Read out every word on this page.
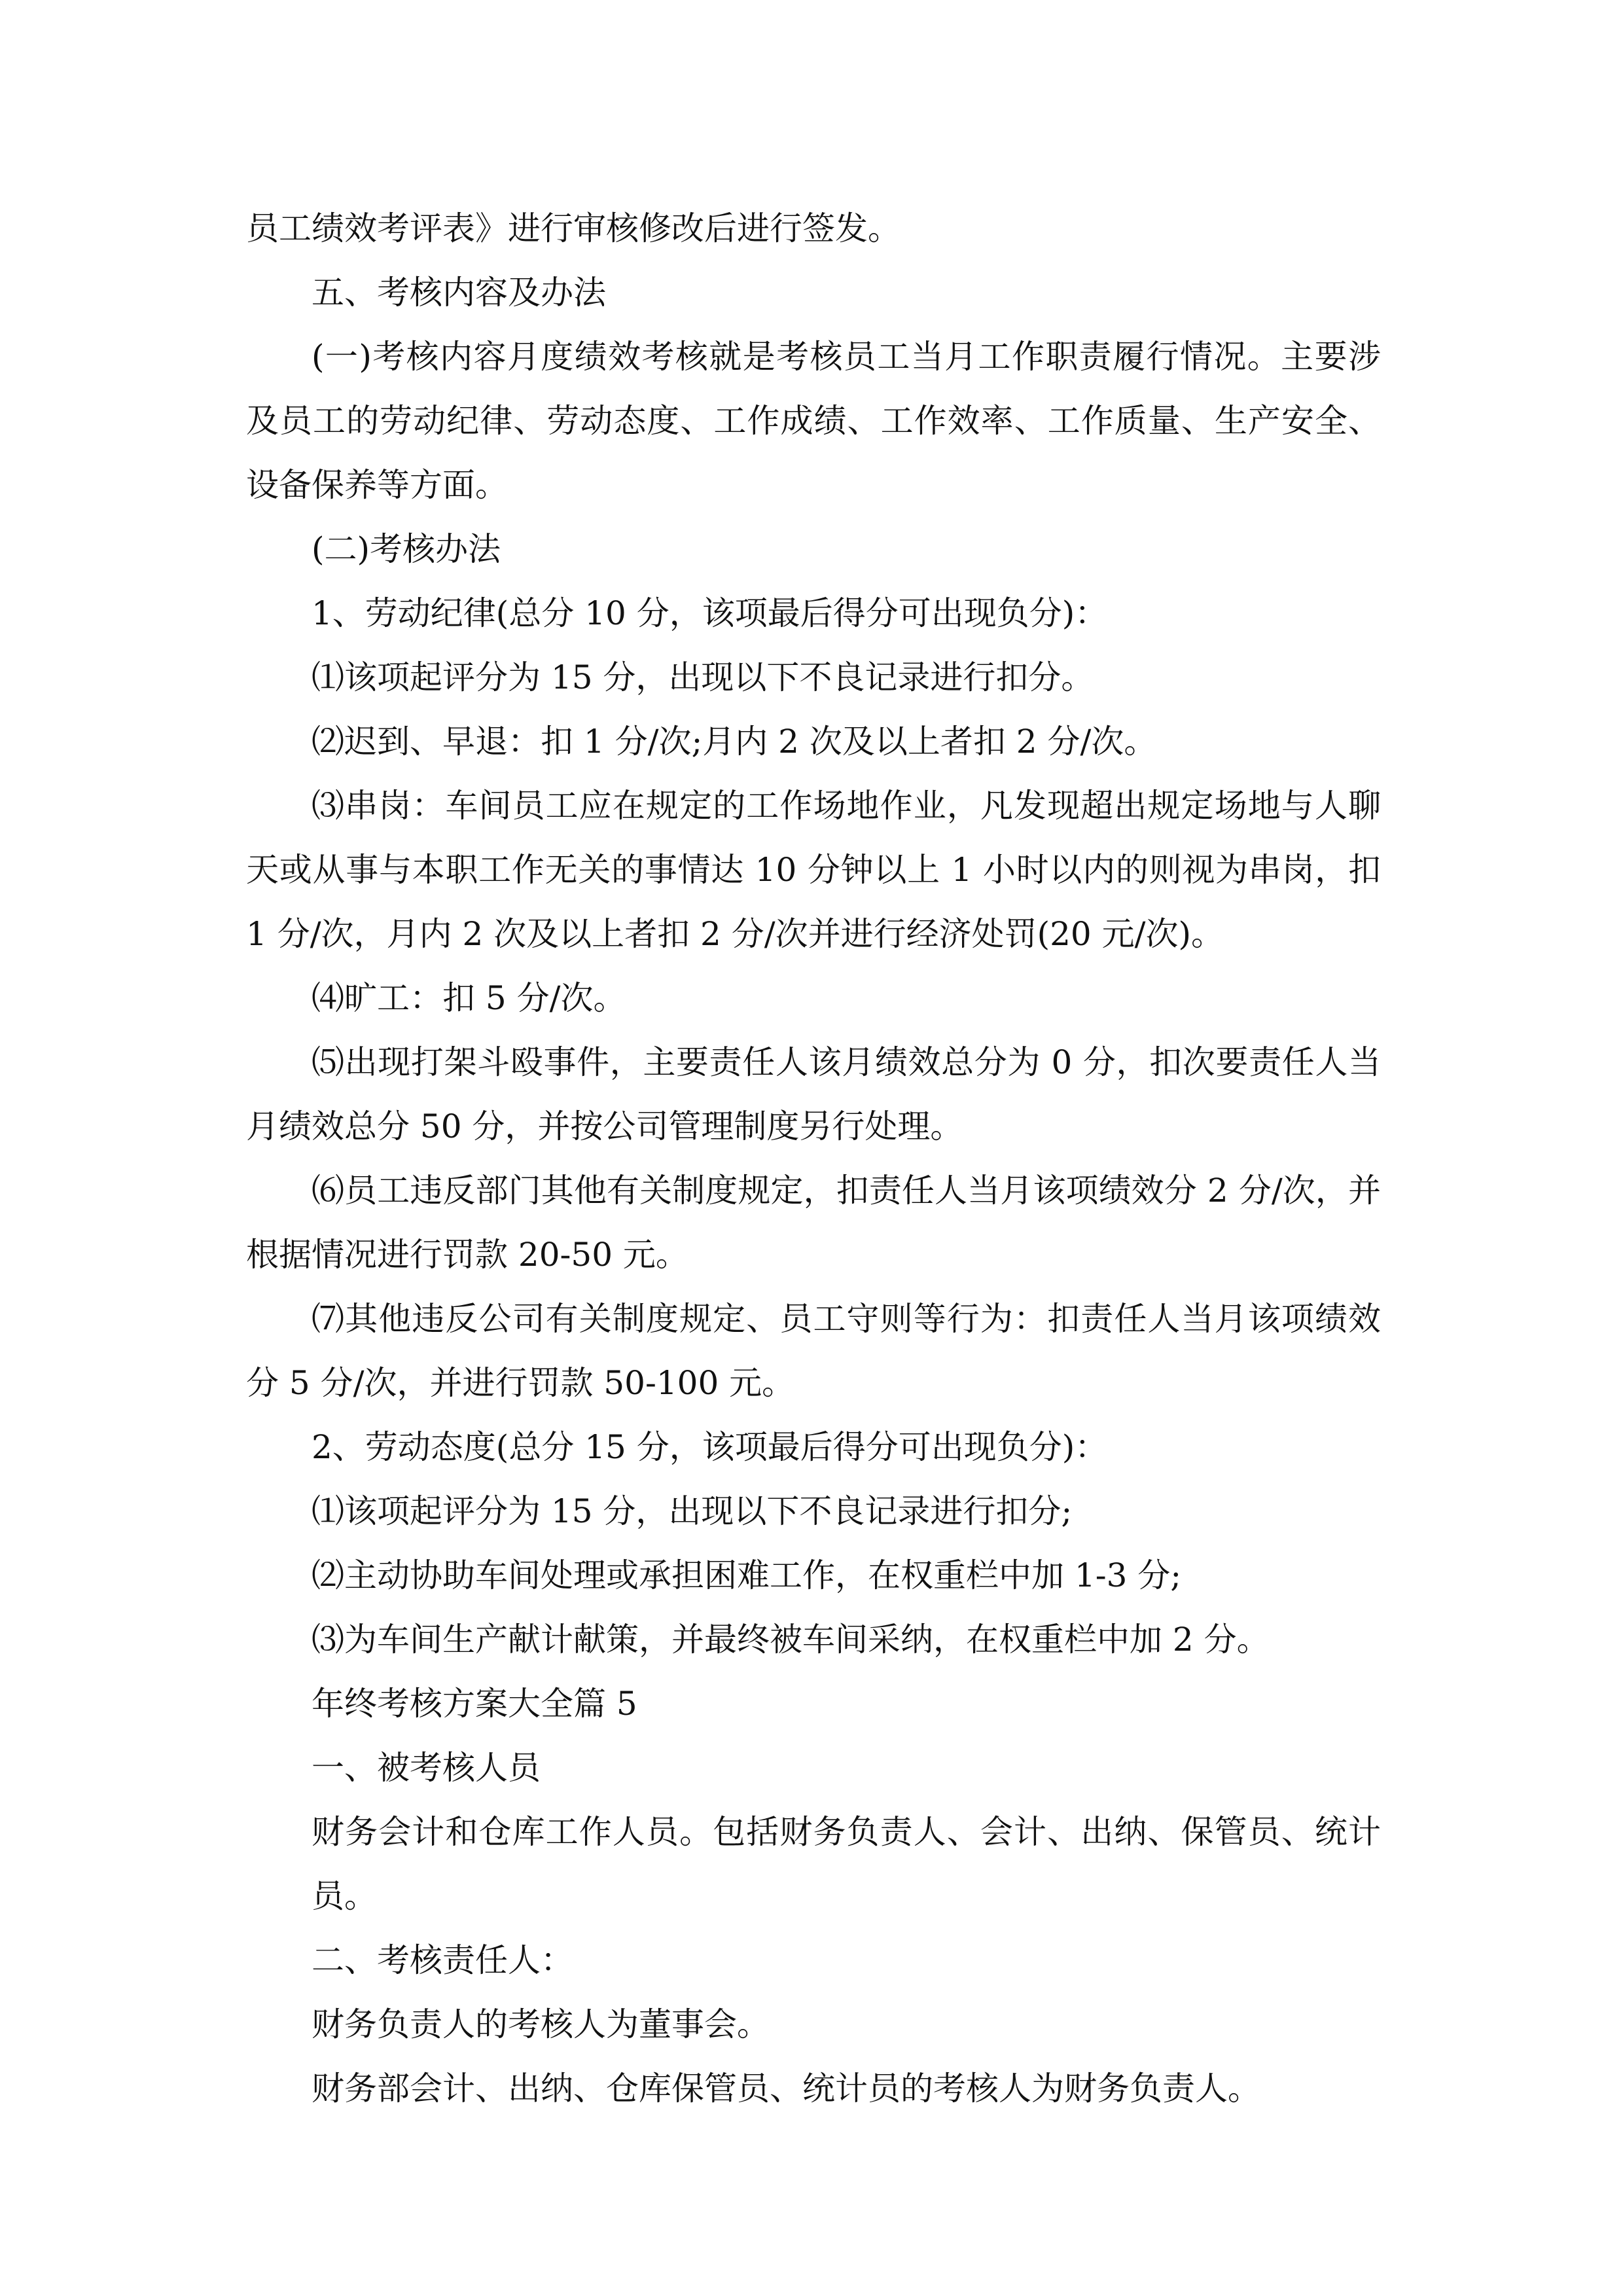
员工绩效考评表》进行审核修改后进行签发。

五、考核内容及办法

(一)考核内容月度绩效考核就是考核员工当月工作职责履行情况。主要涉及员工的劳动纪律、劳动态度、工作成绩、工作效率、工作质量、生产安全、设备保养等方面。

(二)考核办法

1、劳动纪律(总分 10 分，该项最后得分可出现负分)：

⑴该项起评分为 15 分，出现以下不良记录进行扣分。

⑵迟到、早退：扣 1 分/次;月内 2 次及以上者扣 2 分/次。

⑶串岗：车间员工应在规定的工作场地作业，凡发现超出规定场地与人聊天或从事与本职工作无关的事情达 10 分钟以上 1 小时以内的则视为串岗，扣 1 分/次，月内 2 次及以上者扣 2 分/次并进行经济处罚(20 元/次)。

⑷旷工：扣 5 分/次。

⑸出现打架斗殴事件，主要责任人该月绩效总分为 0 分，扣次要责任人当月绩效总分 50 分，并按公司管理制度另行处理。

⑹员工违反部门其他有关制度规定，扣责任人当月该项绩效分 2 分/次，并根据情况进行罚款 20-50 元。

⑺其他违反公司有关制度规定、员工守则等行为：扣责任人当月该项绩效分 5 分/次，并进行罚款 50-100 元。

2、劳动态度(总分 15 分，该项最后得分可出现负分)：

⑴该项起评分为 15 分，出现以下不良记录进行扣分;

⑵主动协助车间处理或承担困难工作，在权重栏中加 1-3 分;

⑶为车间生产献计献策，并最终被车间采纳，在权重栏中加 2 分。

年终考核方案大全篇 5

一、被考核人员

财务会计和仓库工作人员。包括财务负责人、会计、出纳、保管员、统计员。

二、考核责任人：

财务负责人的考核人为董事会。

财务部会计、出纳、仓库保管员、统计员的考核人为财务负责人。
